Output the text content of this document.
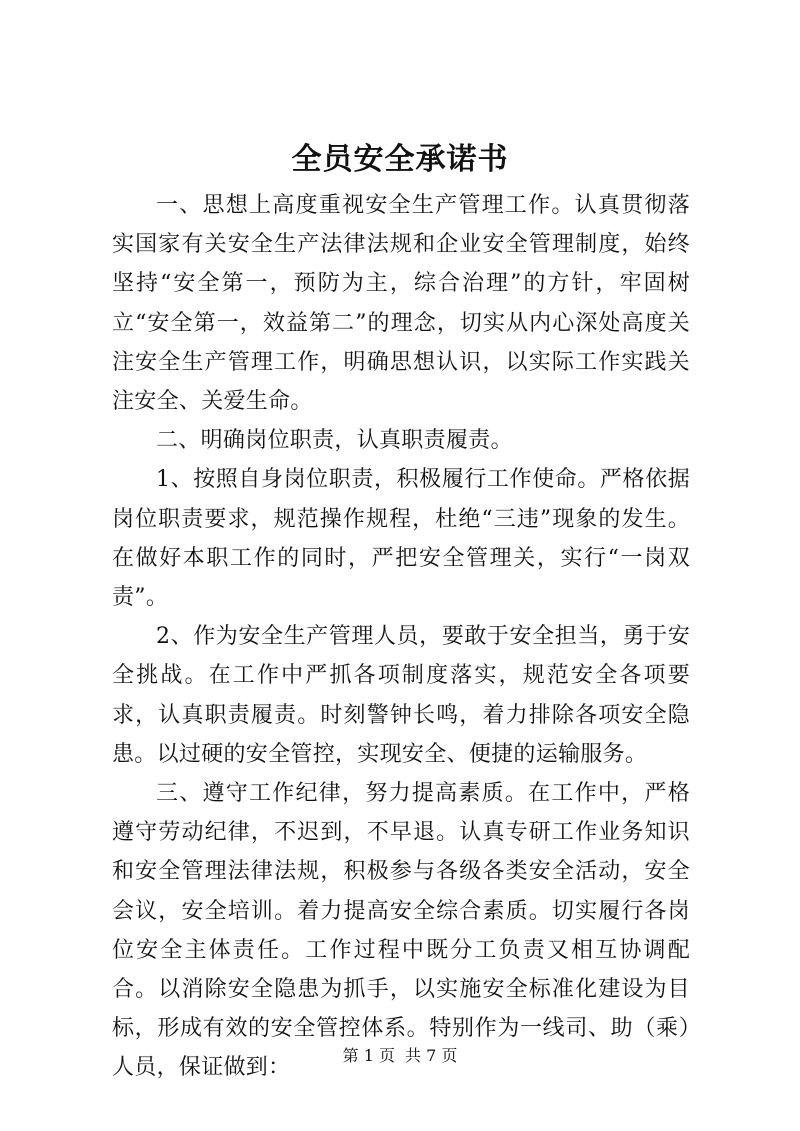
全员安全承诺书

一、思想上高度重视安全生产管理工作。认真贯彻落实国家有关安全生产法律法规和企业安全管理制度，始终坚持“安全第一，预防为主，综合治理”的方针，牢固树立“安全第一，效益第二”的理念，切实从内心深处高度关注安全生产管理工作，明确思想认识，以实际工作实践关注安全、关爱生命。

二、明确岗位职责，认真职责履责。

1、按照自身岗位职责，积极履行工作使命。严格依据岗位职责要求，规范操作规程，杜绝“三违”现象的发生。在做好本职工作的同时，严把安全管理关，实行“一岗双责”。

2、作为安全生产管理人员，要敢于安全担当，勇于安全挑战。在工作中严抓各项制度落实，规范安全各项要求，认真职责履责。时刻警钟长鸣，着力排除各项安全隐患。以过硬的安全管控，实现安全、便捷的运输服务。

三、遵守工作纪律，努力提高素质。在工作中，严格遵守劳动纪律，不迟到，不早退。认真专研工作业务知识和安全管理法律法规，积极参与各级各类安全活动，安全会议，安全培训。着力提高安全综合素质。切实履行各岗位安全主体责任。工作过程中既分工负责又相互协调配合。以消除安全隐患为抓手，以实施安全标准化建设为目标，形成有效的安全管控体系。特别作为一线司、助（乘）人员，保证做到：	第 1 页 共 7 页
